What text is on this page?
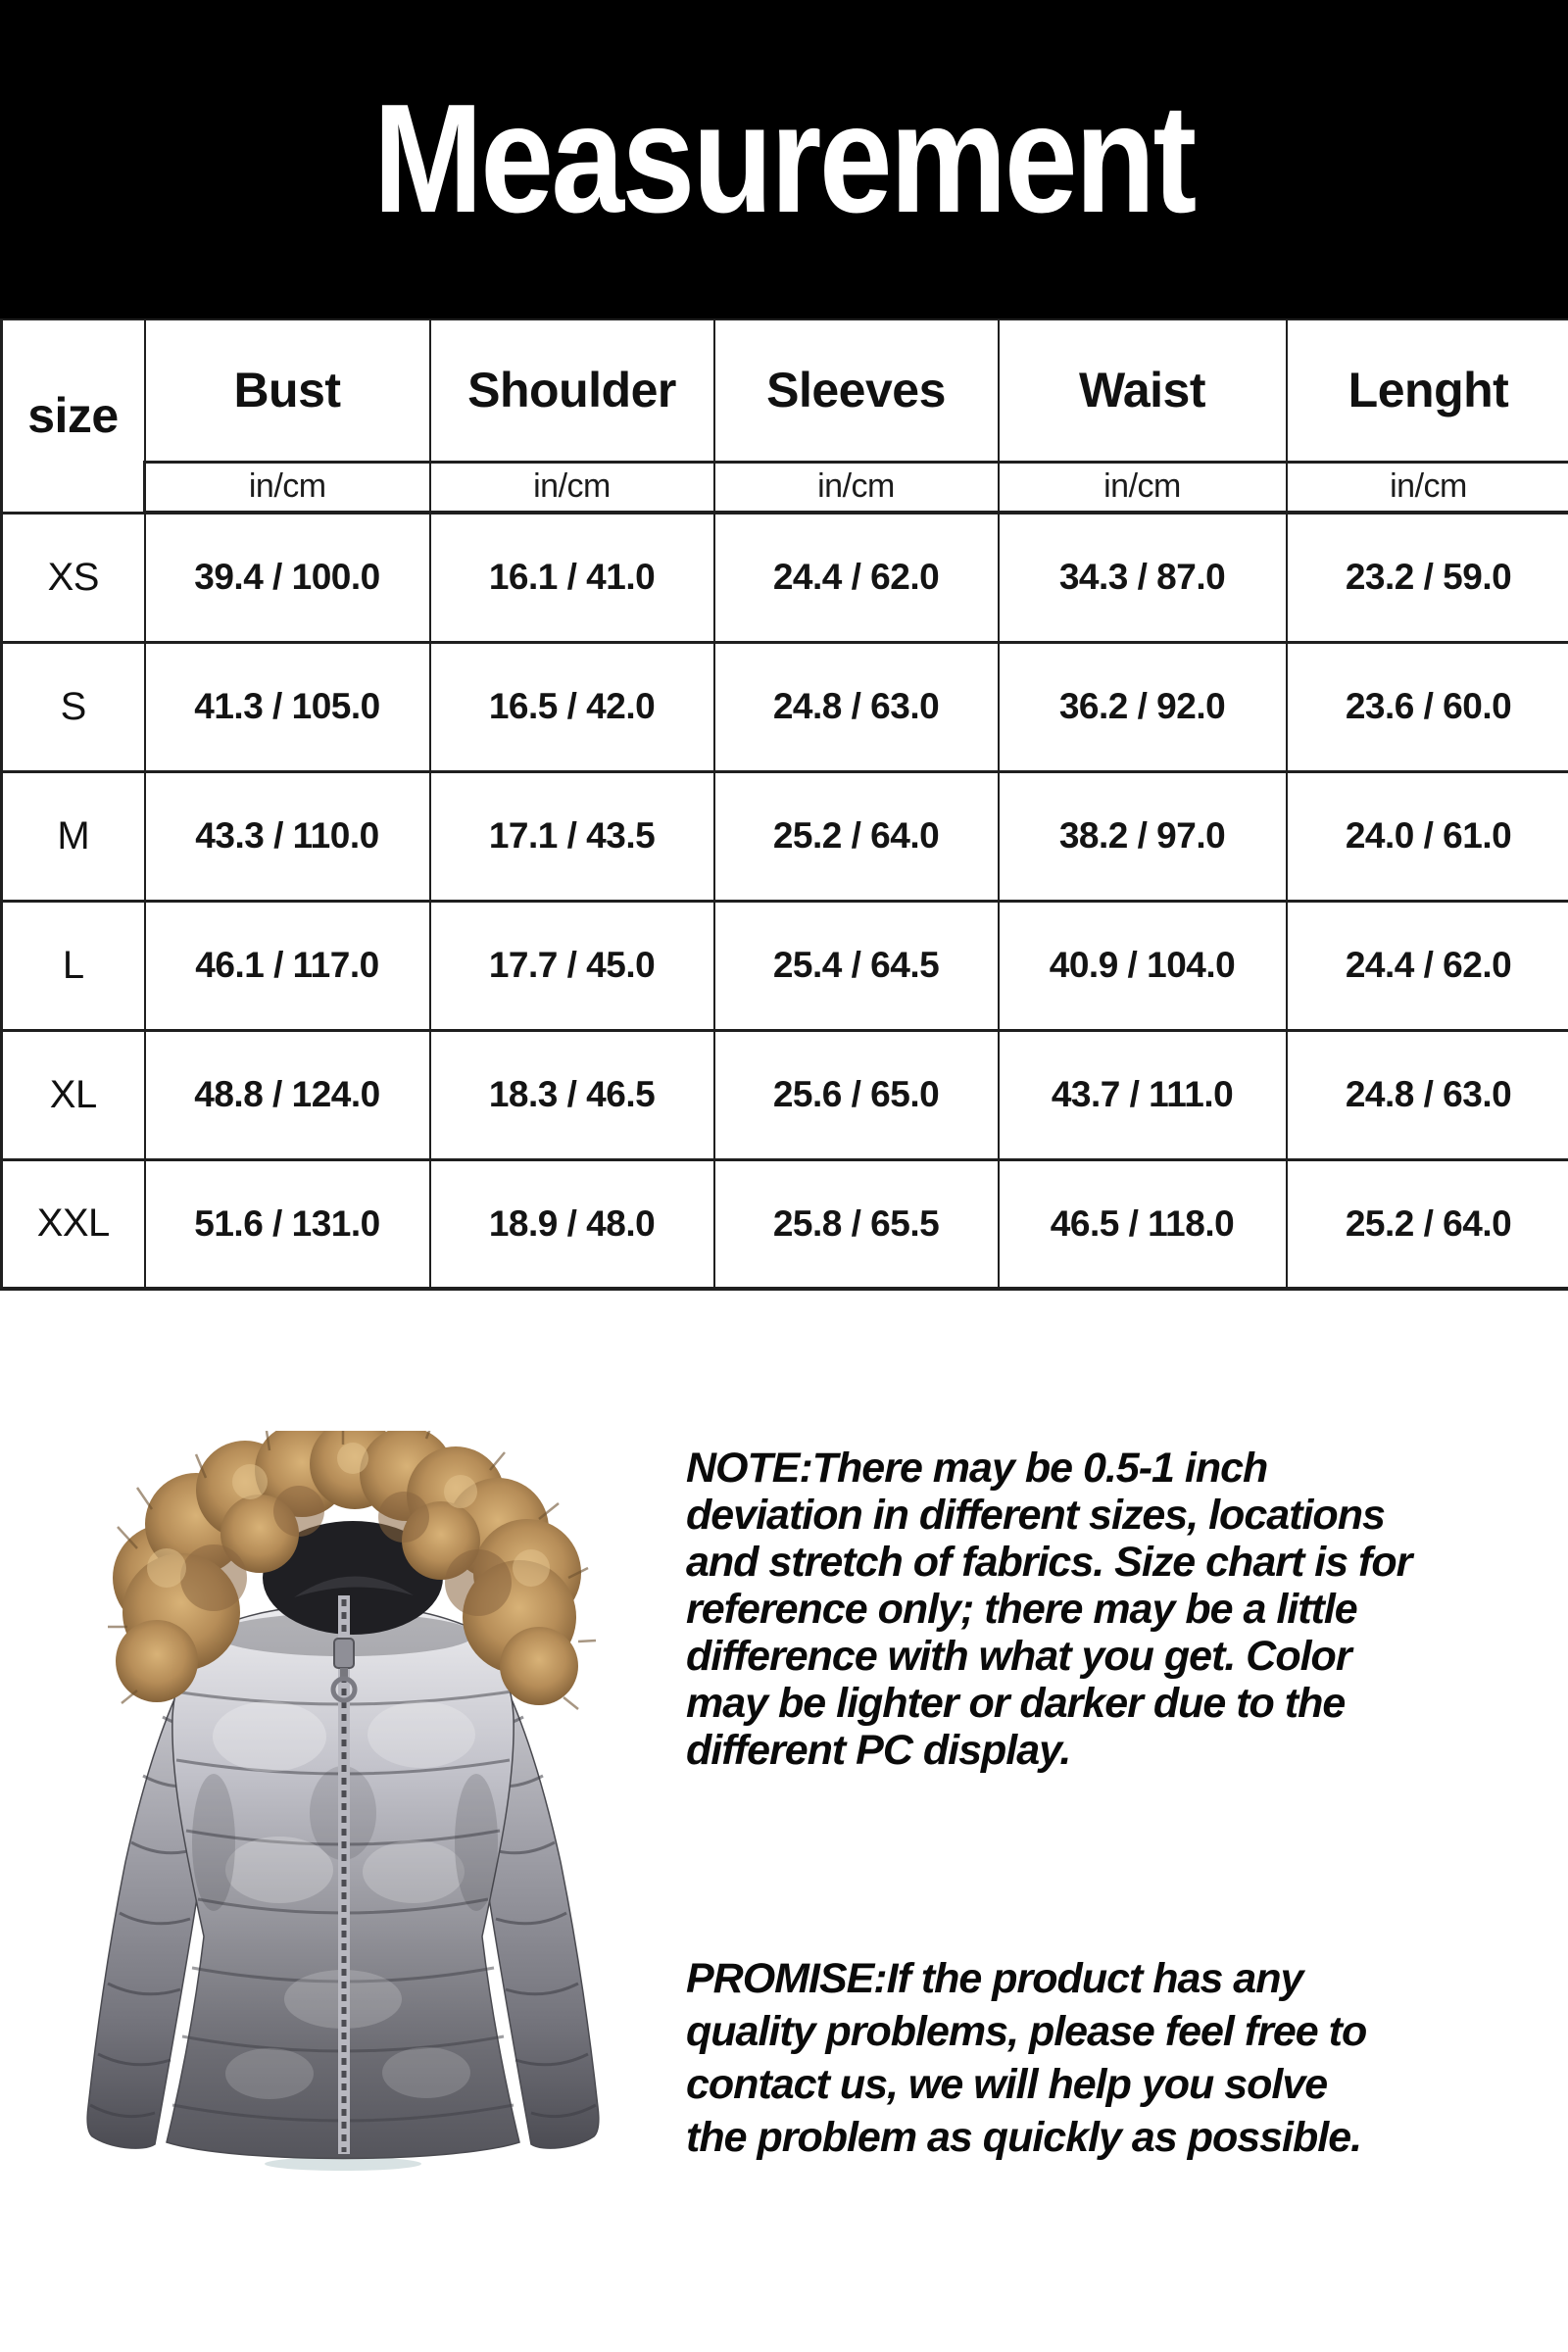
Measurement
size	Bust	Shoulder	Sleeves	Waist	Lenght
	in/cm	in/cm	in/cm	in/cm	in/cm
XS	39.4 / 100.0	16.1 / 41.0	24.4 / 62.0	34.3 / 87.0	23.2 / 59.0
S	41.3 / 105.0	16.5 / 42.0	24.8 / 63.0	36.2 / 92.0	23.6 / 60.0
M	43.3 / 110.0	17.1 / 43.5	25.2 / 64.0	38.2 / 97.0	24.0 / 61.0
L	46.1 / 117.0	17.7 / 45.0	25.4 / 64.5	40.9 / 104.0	24.4 / 62.0
XL	48.8 / 124.0	18.3 / 46.5	25.6 / 65.0	43.7 / 111.0	24.8 / 63.0
XXL	51.6 / 131.0	18.9 / 48.0	25.8 / 65.5	46.5 / 118.0	25.2 / 64.0
NOTE:There may be 0.5-1 inch
deviation in different sizes, locations
and stretch of fabrics. Size chart is for
reference only; there may be a little
difference with what you get. Color
may be lighter or darker due to the
different PC display.
PROMISE:If the product has any
quality problems, please feel free to
contact us, we will help you solve
the problem as quickly as possible.
